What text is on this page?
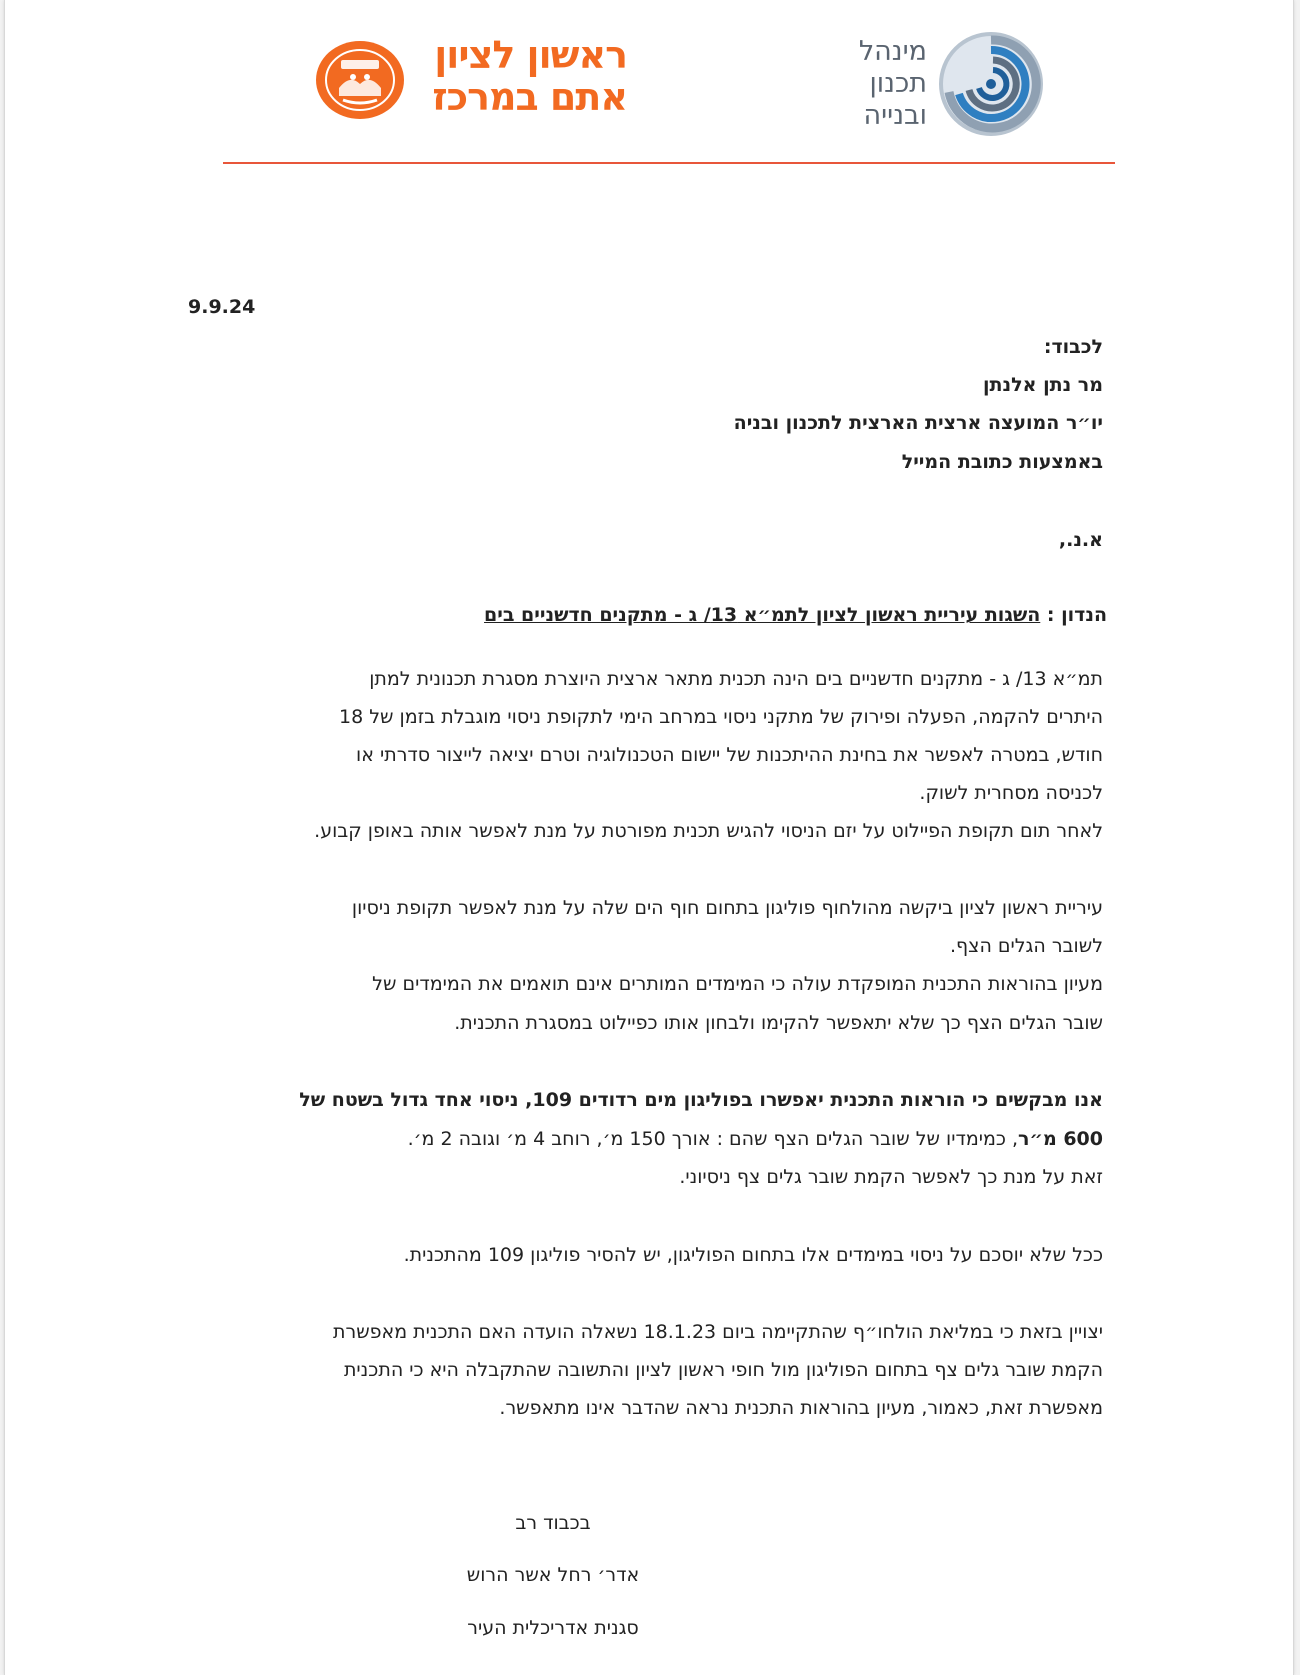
ראשון לציון
אתם במרכז
מינהל
תכנון
ובנייה
9.9.24
לכבוד:
מר נתן אלנתן
יו״ר המועצה ארצית הארצית לתכנון ובניה
באמצעות כתובת המייל
א.נ.,
הנדון : השגות עיריית ראשון לציון לתמ״א 13/ ג - מתקנים חדשניים בים
תמ״א 13/ ג - מתקנים חדשניים בים הינה תכנית מתאר ארצית היוצרת מסגרת תכנונית למתן
היתרים להקמה, הפעלה ופירוק של מתקני ניסוי במרחב הימי לתקופת ניסוי מוגבלת בזמן של 18
חודש, במטרה לאפשר את בחינת ההיתכנות של יישום הטכנולוגיה וטרם יציאה לייצור סדרתי או
לכניסה מסחרית לשוק.
לאחר תום תקופת הפיילוט על יזם הניסוי להגיש תכנית מפורטת על מנת לאפשר אותה באופן קבוע.
עיריית ראשון לציון ביקשה מהולחוף פוליגון בתחום חוף הים שלה על מנת לאפשר תקופת ניסיון
לשובר הגלים הצף.
מעיון בהוראות התכנית המופקדת עולה כי המימדים המותרים אינם תואמים את המימדים של
שובר הגלים הצף כך שלא יתאפשר להקימו ולבחון אותו כפיילוט במסגרת התכנית.
אנו מבקשים כי הוראות התכנית יאפשרו בפוליגון מים רדודים 109, ניסוי אחד גדול בשטח של
600 מ״ר, כמימדיו של שובר הגלים הצף שהם : אורך 150 מ׳, רוחב 4 מ׳ וגובה 2 מ׳.
זאת על מנת כך לאפשר הקמת שובר גלים צף ניסיוני.
ככל שלא יוסכם על ניסוי במימדים אלו בתחום הפוליגון, יש להסיר פוליגון 109 מהתכנית.
יצויין בזאת כי במליאת הולחו״ף שהתקיימה ביום 18.1.23 נשאלה הועדה האם התכנית מאפשרת
הקמת שובר גלים צף בתחום הפוליגון מול חופי ראשון לציון והתשובה שהתקבלה היא כי התכנית
מאפשרת זאת, כאמור, מעיון בהוראות התכנית נראה שהדבר אינו מתאפשר.
בכבוד רב
אדר׳ רחל אשר הרוש
סגנית אדריכלית העיר
